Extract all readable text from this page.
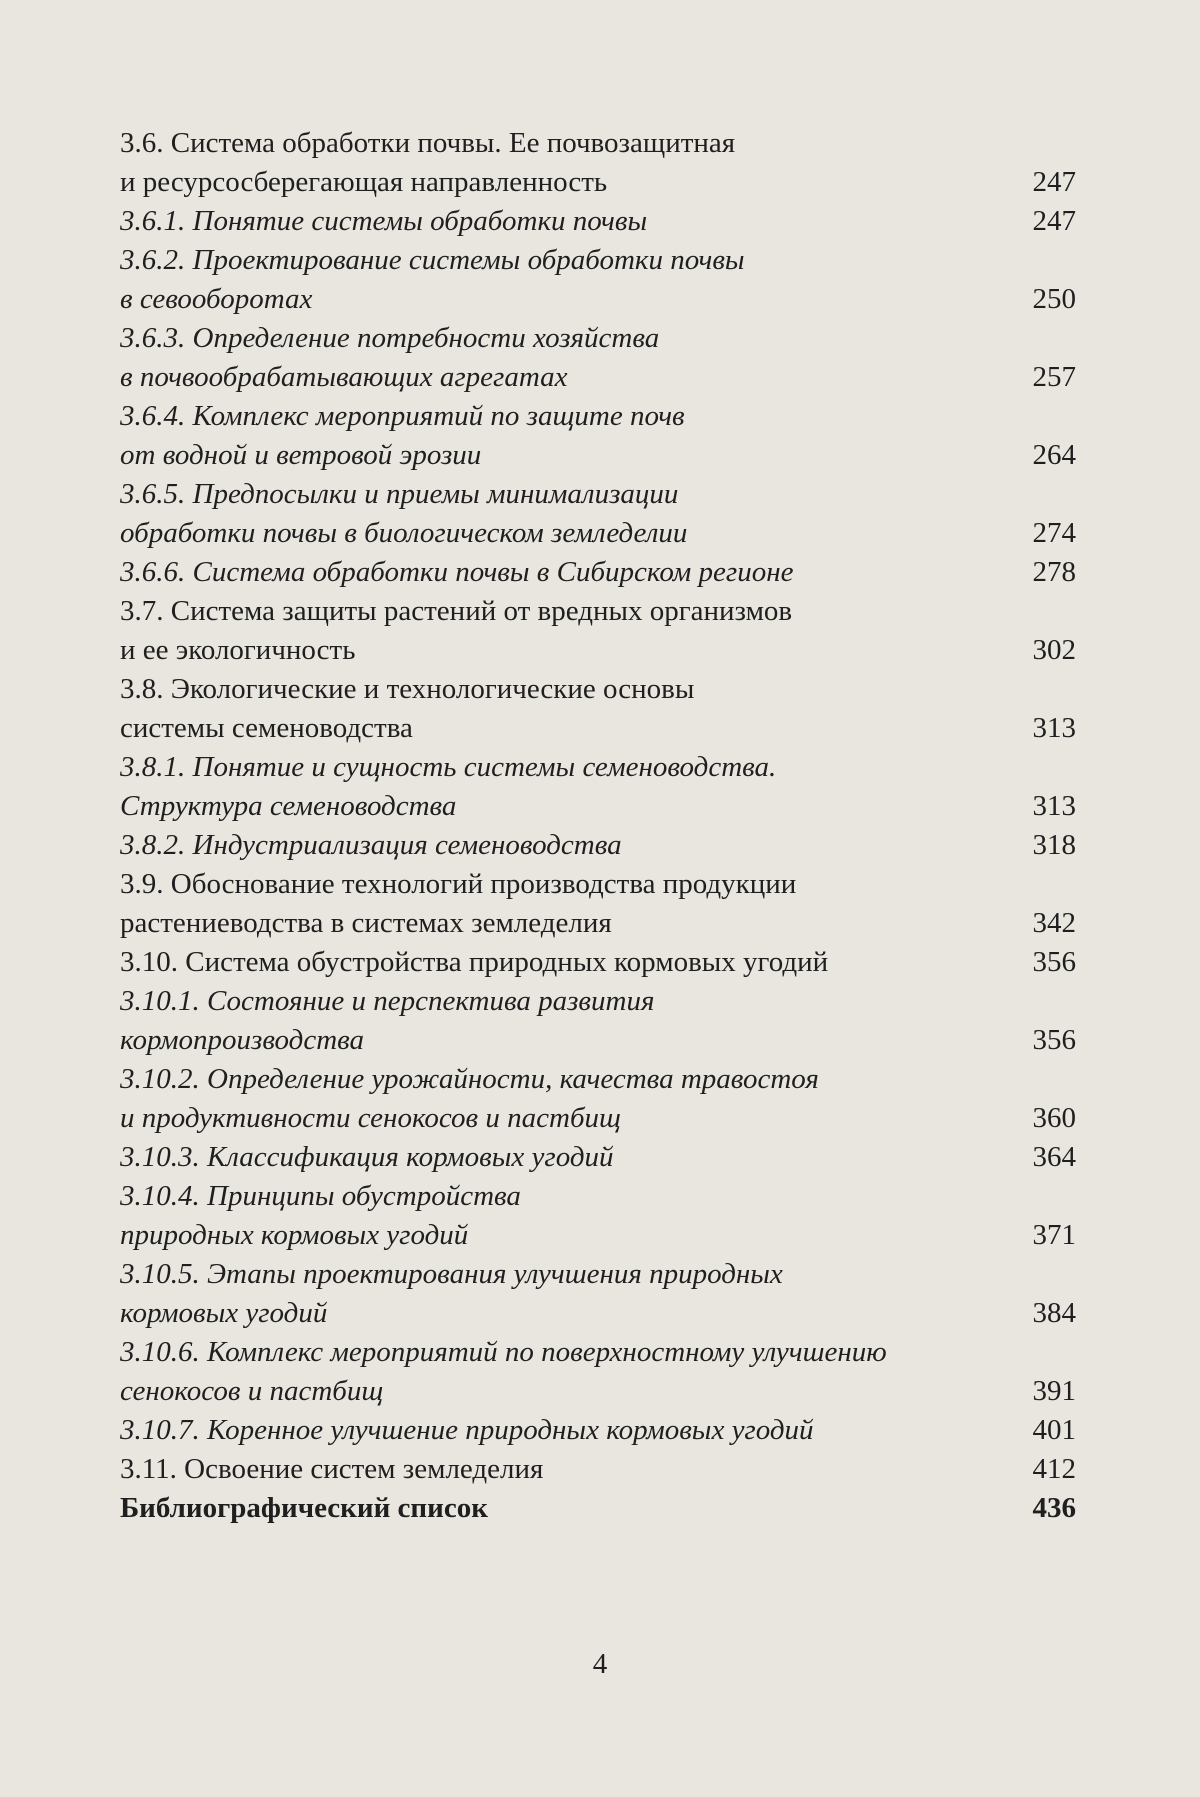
3.6. Система обработки почвы. Ее почвозащитная
и ресурсосберегающая направленность	247
3.6.1. Понятие системы обработки почвы	247
3.6.2. Проектирование системы обработки почвы
в севооборотах	250
3.6.3. Определение потребности хозяйства
в почвообрабатывающих агрегатах	257
3.6.4. Комплекс мероприятий по защите почв
от водной и ветровой эрозии	264
3.6.5. Предпосылки и приемы минимализации
обработки почвы в биологическом земледелии	274
3.6.6. Система обработки почвы в Сибирском регионе	278
3.7. Система защиты растений от вредных организмов
и ее экологичность	302
3.8. Экологические и технологические основы
системы семеноводства	313
3.8.1. Понятие и сущность системы семеноводства.
Структура семеноводства	313
3.8.2. Индустриализация семеноводства	318
3.9. Обоснование технологий производства продукции
растениеводства в системах земледелия	342
3.10. Система обустройства природных кормовых угодий	356
3.10.1. Состояние и перспектива развития
кормопроизводства	356
3.10.2. Определение урожайности, качества травостоя
и продуктивности сенокосов и пастбищ	360
3.10.3. Классификация кормовых угодий	364
3.10.4. Принципы обустройства
природных кормовых угодий	371
3.10.5. Этапы проектирования улучшения природных
кормовых угодий	384
3.10.6. Комплекс мероприятий по поверхностному улучшению
сенокосов и пастбищ	391
3.10.7. Коренное улучшение природных кормовых угодий	401
3.11. Освоение систем земледелия	412
Библиографический список	436
4
